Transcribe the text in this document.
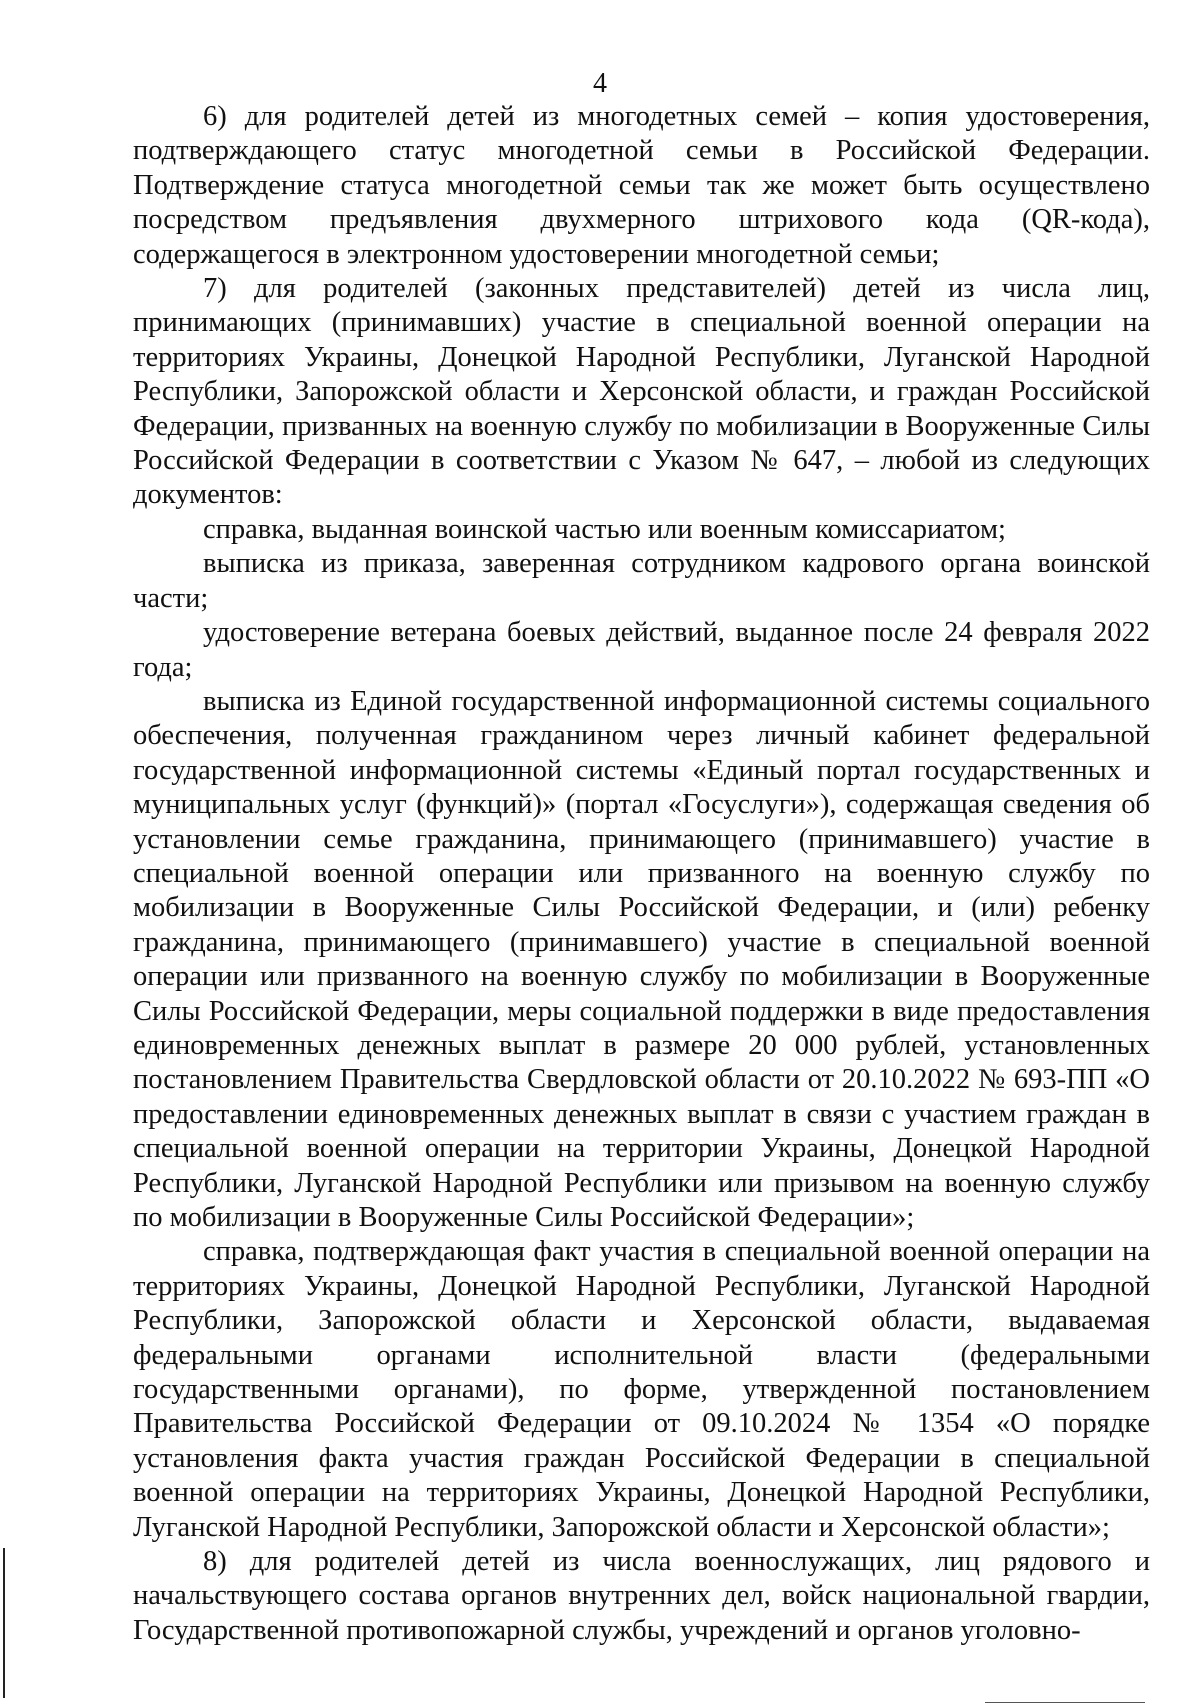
4

6) для родителей детей из многодетных семей – копия удостоверения, подтверждающего статус многодетной семьи в Российской Федерации. Подтверждение статуса многодетной семьи так же может быть осуществлено посредством предъявления двухмерного штрихового кода (QR-кода), содержащегося в электронном удостоверении многодетной семьи;

7) для родителей (законных представителей) детей из числа лиц, принимающих (принимавших) участие в специальной военной операции на территориях Украины, Донецкой Народной Республики, Луганской Народной Республики, Запорожской области и Херсонской области, и граждан Российской Федерации, призванных на военную службу по мобилизации в Вооруженные Силы Российской Федерации в соответствии с Указом № 647, – любой из следующих документов:

справка, выданная воинской частью или военным комиссариатом;

выписка из приказа, заверенная сотрудником кадрового органа воинской части;

удостоверение ветерана боевых действий, выданное после 24 февраля 2022 года;

выписка из Единой государственной информационной системы социального обеспечения, полученная гражданином через личный кабинет федеральной государственной информационной системы «Единый портал государственных и муниципальных услуг (функций)» (портал «Госуслуги»), содержащая сведения об установлении семье гражданина, принимающего (принимавшего) участие в специальной военной операции или призванного на военную службу по мобилизации в Вооруженные Силы Российской Федерации, и (или) ребенку гражданина, принимающего (принимавшего) участие в специальной военной операции или призванного на военную службу по мобилизации в Вооруженные Силы Российской Федерации, меры социальной поддержки в виде предоставления единовременных денежных выплат в размере 20 000 рублей, установленных постановлением Правительства Свердловской области от 20.10.2022 № 693-ПП «О предоставлении единовременных денежных выплат в связи с участием граждан в специальной военной операции на территории Украины, Донецкой Народной Республики, Луганской Народной Республики или призывом на военную службу по мобилизации в Вооруженные Силы Российской Федерации»;

справка, подтверждающая факт участия в специальной военной операции на территориях Украины, Донецкой Народной Республики, Луганской Народной Республики, Запорожской области и Херсонской области, выдаваемая федеральными органами исполнительной власти (федеральными государственными органами), по форме, утвержденной постановлением Правительства Российской Федерации от 09.10.2024 № 1354 «О порядке установления факта участия граждан Российской Федерации в специальной военной операции на территориях Украины, Донецкой Народной Республики, Луганской Народной Республики, Запорожской области и Херсонской области»;

8) для родителей детей из числа военнослужащих, лиц рядового и начальствующего состава органов внутренних дел, войск национальной гвардии, Государственной противопожарной службы, учреждений и органов уголовно-
